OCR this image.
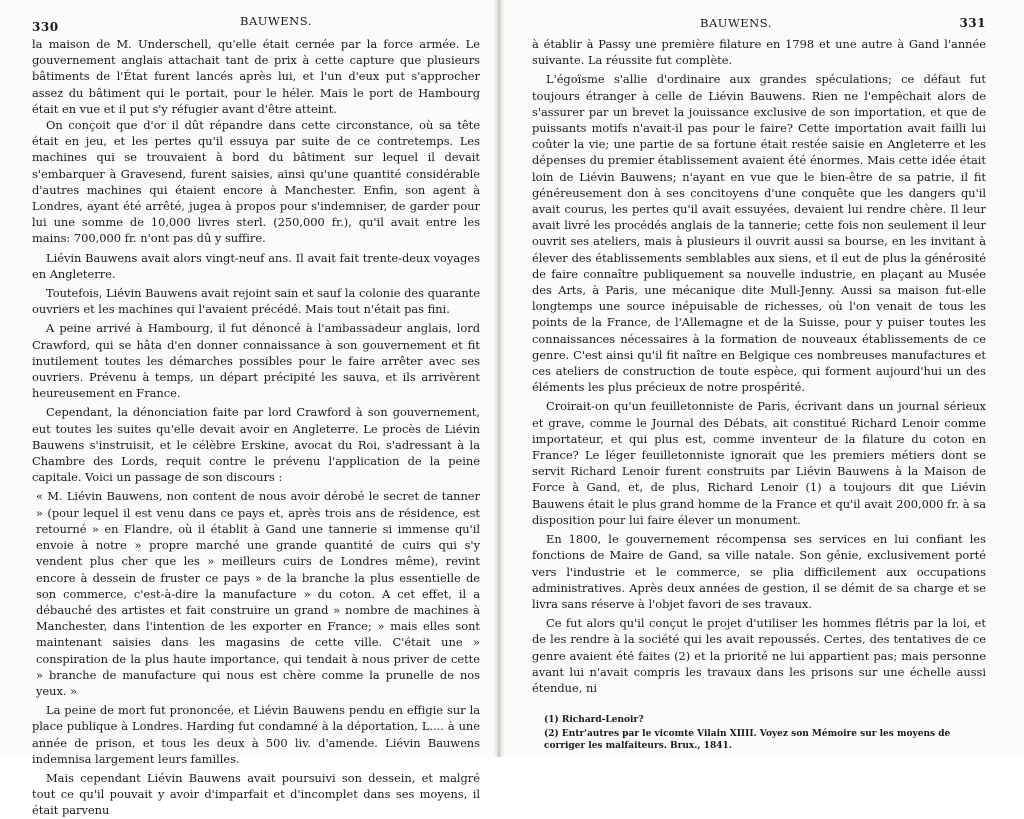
330	BAUWENS.

la maison de M. Underschell, qu'elle était cernée par la force armée. Le gouvernement anglais attachait tant de prix à cette capture que plusieurs bâtiments de l'État furent lancés après lui, et l'un d'eux put s'approcher assez du bâtiment qui le portait, pour le héler. Mais le port de Hambourg était en vue et il put s'y réfugier avant d'être atteint.

On conçoit que d'or il dût répandre dans cette circonstance, où sa tête était en jeu, et les pertes qu'il essuya par suite de ce contretemps. Les machines qui se trouvaient à bord du bâtiment sur lequel il devait s'embarquer à Gravesend, furent saisies, ainsi qu'une quantité considérable d'autres machines qui étaient encore à Manchester. Enfin, son agent à Londres, ayant été arrêté, jugea à propos pour s'indemniser, de garder pour lui une somme de 10,000 livres sterl. (250,000 fr.), qu'il avait entre les mains: 700,000 fr. n'ont pas dû y suffire.

Liévin Bauwens avait alors vingt-neuf ans. Il avait fait trente-deux voyages en Angleterre.

Toutefois, Liévin Bauwens avait rejoint sain et sauf la colonie des quarante ouvriers et les machines qui l'avaient précédé. Mais tout n'était pas fini.

A peine arrivé à Hambourg, il fut dénoncé à l'ambassadeur anglais, lord Crawford, qui se hâta d'en donner connaissance à son gouvernement et fit inutilement toutes les démarches possibles pour le faire arrêter avec ses ouvriers. Prévenu à temps, un départ précipité les sauva, et ils arrivèrent heureusement en France.

Cependant, la dénonciation faite par lord Crawford à son gouvernement, eut toutes les suites qu'elle devait avoir en Angleterre. Le procès de Liévin Bauwens s'instruisit, et le célèbre Erskine, avocat du Roi, s'adressant à la Chambre des Lords, requit contre le prévenu l'application de la peine capitale. Voici un passage de son discours :

« M. Liévin Bauwens, non content de nous avoir dérobé le secret de tanner » (pour lequel il est venu dans ce pays et, après trois ans de résidence, est retourné » en Flandre, où il établit à Gand une tannerie si immense qu'il envoie à notre » propre marché une grande quantité de cuirs qui s'y vendent plus cher que les » meilleurs cuirs de Londres même), revint encore à dessein de fruster ce pays » de la branche la plus essentielle de son commerce, c'est-à-dire la manufacture » du coton. A cet effet, il a débauché des artistes et fait construire un grand » nombre de machines à Manchester, dans l'intention de les exporter en France; » mais elles sont maintenant saisies dans les magasins de cette ville. C'était une » conspiration de la plus haute importance, qui tendait à nous priver de cette » branche de manufacture qui nous est chère comme la prunelle de nos yeux. »

La peine de mort fut prononcée, et Liévin Bauwens pendu en effigie sur la place publique à Londres. Harding fut condamné à la déportation, L.... à une année de prison, et tous les deux à 500 liv. d'amende. Liévin Bauwens indemnisa largement leurs familles.

Mais cependant Liévin Bauwens avait poursuivi son dessein, et malgré tout ce qu'il pouvait y avoir d'imparfait et d'incomplet dans ses moyens, il était parvenu

BAUWENS.	331

à établir à Passy une première filature en 1798 et une autre à Gand l'année suivante. La réussite fut complète.

L'égoïsme s'allie d'ordinaire aux grandes spéculations; ce défaut fut toujours étranger à celle de Liévin Bauwens. Rien ne l'empêchait alors de s'assurer par un brevet la jouissance exclusive de son importation, et que de puissants motifs n'avait-il pas pour le faire? Cette importation avait failli lui coûter la vie; une partie de sa fortune était restée saisie en Angleterre et les dépenses du premier établissement avaient été énormes. Mais cette idée était loin de Liévin Bauwens; n'ayant en vue que le bien-être de sa patrie, il fit généreusement don à ses concitoyens d'une conquête que les dangers qu'il avait courus, les pertes qu'il avait essuyées, devaient lui rendre chère. Il leur avait livré les procédés anglais de la tannerie; cette fois non seulement il leur ouvrit ses ateliers, mais à plusieurs il ouvrit aussi sa bourse, en les invitant à élever des établissements semblables aux siens, et il eut de plus la générosité de faire connaître publiquement sa nouvelle industrie, en plaçant au Musée des Arts, à Paris, une mécanique dite Mull-Jenny. Aussi sa maison fut-elle longtemps une source inépuisable de richesses, où l'on venait de tous les points de la France, de l'Allemagne et de la Suisse, pour y puiser toutes les connaissances nécessaires à la formation de nouveaux établissements de ce genre. C'est ainsi qu'il fit naître en Belgique ces nombreuses manufactures et ces ateliers de construction de toute espèce, qui forment aujourd'hui un des éléments les plus précieux de notre prospérité.

Croirait-on qu'un feuilletonniste de Paris, écrivant dans un journal sérieux et grave, comme le Journal des Débats, ait constitué Richard Lenoir comme importateur, et qui plus est, comme inventeur de la filature du coton en France? Le léger feuilletonniste ignorait que les premiers métiers dont se servit Richard Lenoir furent construits par Liévin Bauwens à la Maison de Force à Gand, et, de plus, Richard Lenoir (1) a toujours dit que Liévin Bauwens était le plus grand homme de la France et qu'il avait 200,000 fr. à sa disposition pour lui faire élever un monument.

En 1800, le gouvernement récompensa ses services en lui confiant les fonctions de Maire de Gand, sa ville natale. Son génie, exclusivement porté vers l'industrie et le commerce, se plia difficilement aux occupations administratives. Après deux années de gestion, il se démit de sa charge et se livra sans réserve à l'objet favori de ses travaux.

Ce fut alors qu'il conçut le projet d'utiliser les hommes flétris par la loi, et de les rendre à la société qui les avait repoussés. Certes, des tentatives de ce genre avaient été faites (2) et la priorité ne lui appartient pas; mais personne avant lui n'avait compris les travaux dans les prisons sur une échelle aussi étendue, ni

(1) Richard-Lenoir?

(2) Entr'autres par le vicomte Vilain XIIII. Voyez son Mémoire sur les moyens de corriger les malfaiteurs. Brux., 1841.
